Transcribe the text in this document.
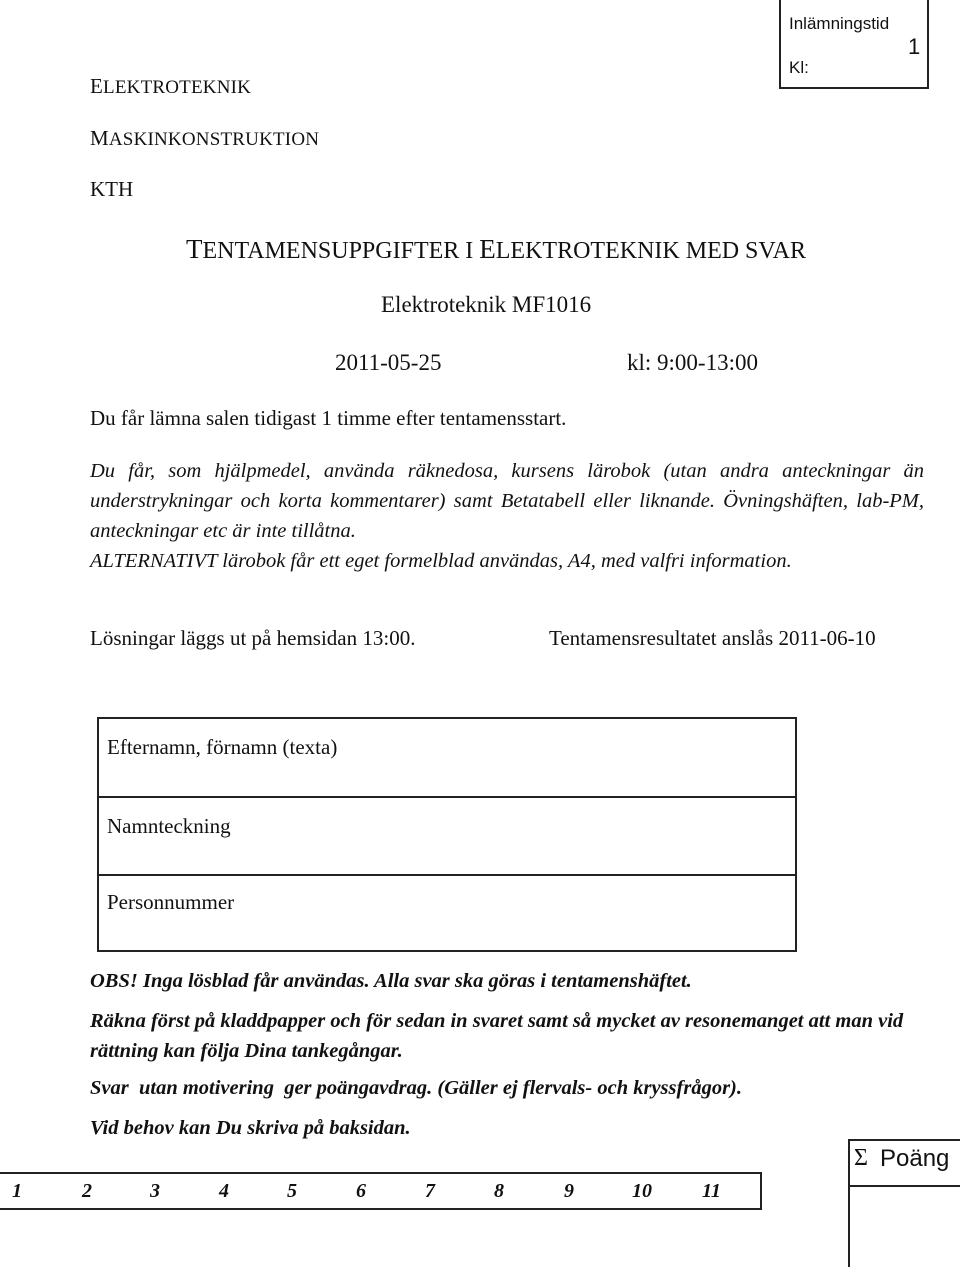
Inlämningstid
Kl:
1
ELEKTROTEKNIK
MASKINKONSTRUKTION
KTH
TENTAMENSUPPGIFTER I ELEKTROTEKNIK MED SVAR
Elektroteknik MF1016
2011-05-25	kl: 9:00-13:00
Du får lämna salen tidigast 1 timme efter tentamensstart.
Du får, som hjälpmedel, använda räknedosa, kursens lärobok (utan andra anteckningar än understrykningar och korta kommentarer) samt Betatabell eller liknande. Övningshäften, lab-PM, anteckningar etc är inte tillåtna.
ALTERNATIVT lärobok får ett eget formelblad användas, A4, med valfri information.
Lösningar läggs ut på hemsidan 13:00.	Tentamensresultatet anslås 2011-06-10
Efternamn, förnamn (texta)
Namnteckning
Personnummer
OBS! Inga lösblad får användas. Alla svar ska göras i tentamenshäftet.
Räkna först på kladdpapper och för sedan in svaret samt så mycket av resonemanget att man vid rättning kan följa Dina tankegångar.
Svar  utan motivering  ger poängavdrag. (Gäller ej flervals- och kryssfrågor).
Vid behov kan Du skriva på baksidan.
1	2	3	4	5	6	7	8	9	10	11
Σ Poäng
